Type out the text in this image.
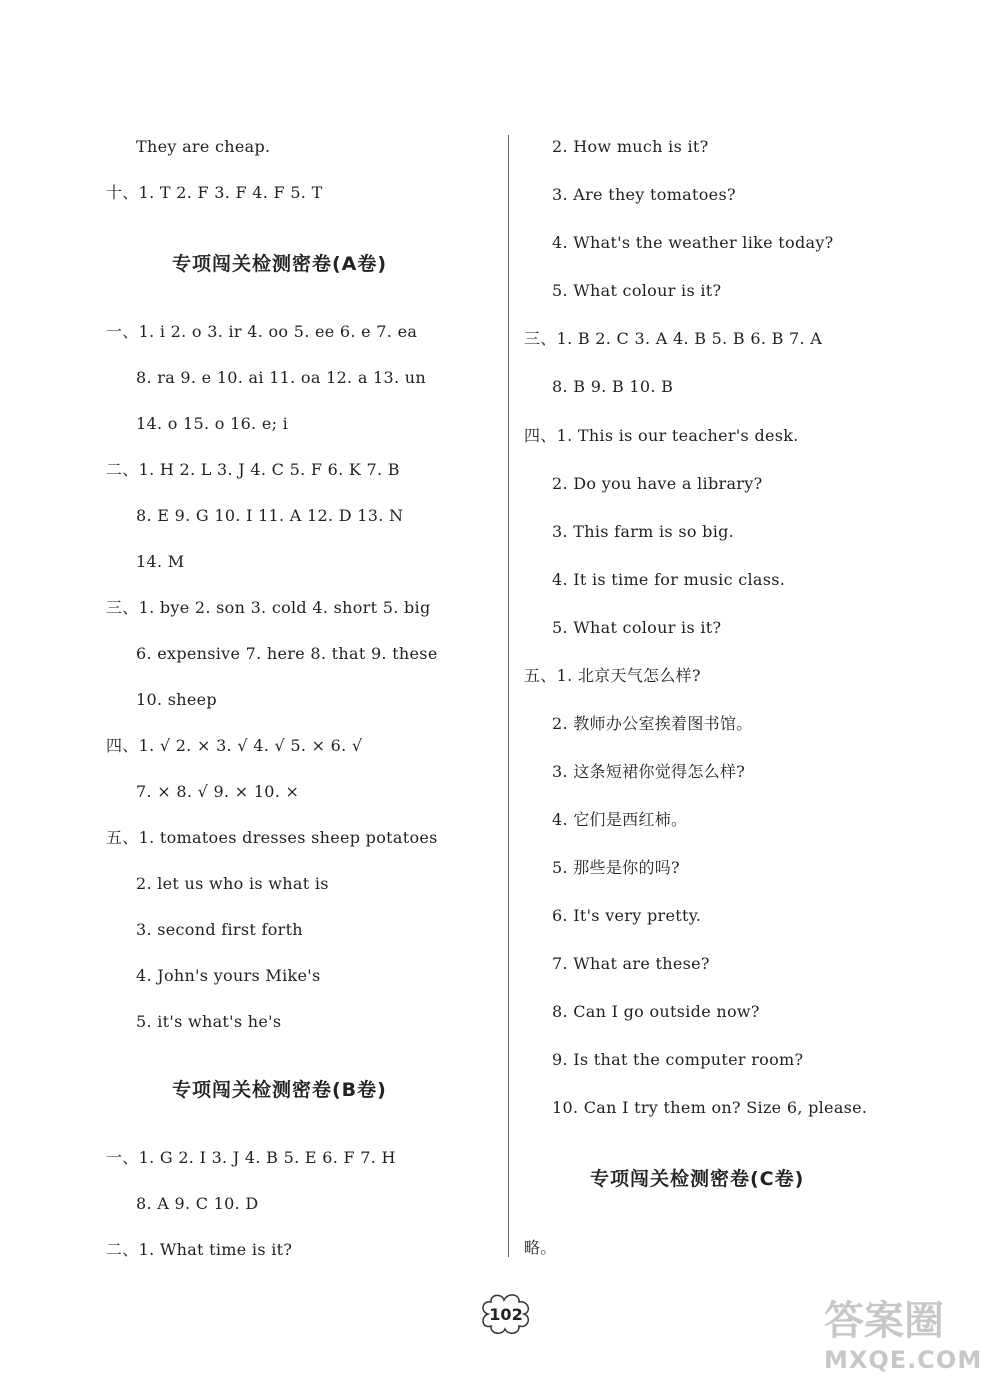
They are cheap.
十、1. T 2. F 3. F 4. F 5. T
专项闯关检测密卷(A卷)
一、1. i 2. o 3. ir 4. oo 5. ee 6. e 7. ea
8. ra 9. e 10. ai 11. oa 12. a 13. un
14. o 15. o 16. e; i
二、1. H 2. L 3. J 4. C 5. F 6. K 7. B
8. E 9. G 10. I 11. A 12. D 13. N
14. M
三、1. bye 2. son 3. cold 4. short 5. big
6. expensive 7. here 8. that 9. these
10. sheep
四、1. √ 2. × 3. √ 4. √ 5. × 6. √
7. × 8. √ 9. × 10. ×
五、1. tomatoes dresses sheep potatoes
2. let us who is what is
3. second first forth
4. John's yours Mike's
5. it's what's he's
专项闯关检测密卷(B卷)
一、1. G 2. I 3. J 4. B 5. E 6. F 7. H
8. A 9. C 10. D
二、1. What time is it?
2. How much is it?
3. Are they tomatoes?
4. What's the weather like today?
5. What colour is it?
三、1. B 2. C 3. A 4. B 5. B 6. B 7. A
8. B 9. B 10. B
四、1. This is our teacher's desk.
2. Do you have a library?
3. This farm is so big.
4. It is time for music class.
5. What colour is it?
五、1. 北京天气怎么样?
2. 教师办公室挨着图书馆。
3. 这条短裙你觉得怎么样?
4. 它们是西红柿。
5. 那些是你的吗?
6. It's very pretty.
7. What are these?
8. Can I go outside now?
9. Is that the computer room?
10. Can I try them on? Size 6, please.
专项闯关检测密卷(C卷)
略。
102	答案圈
MXQE.COM
